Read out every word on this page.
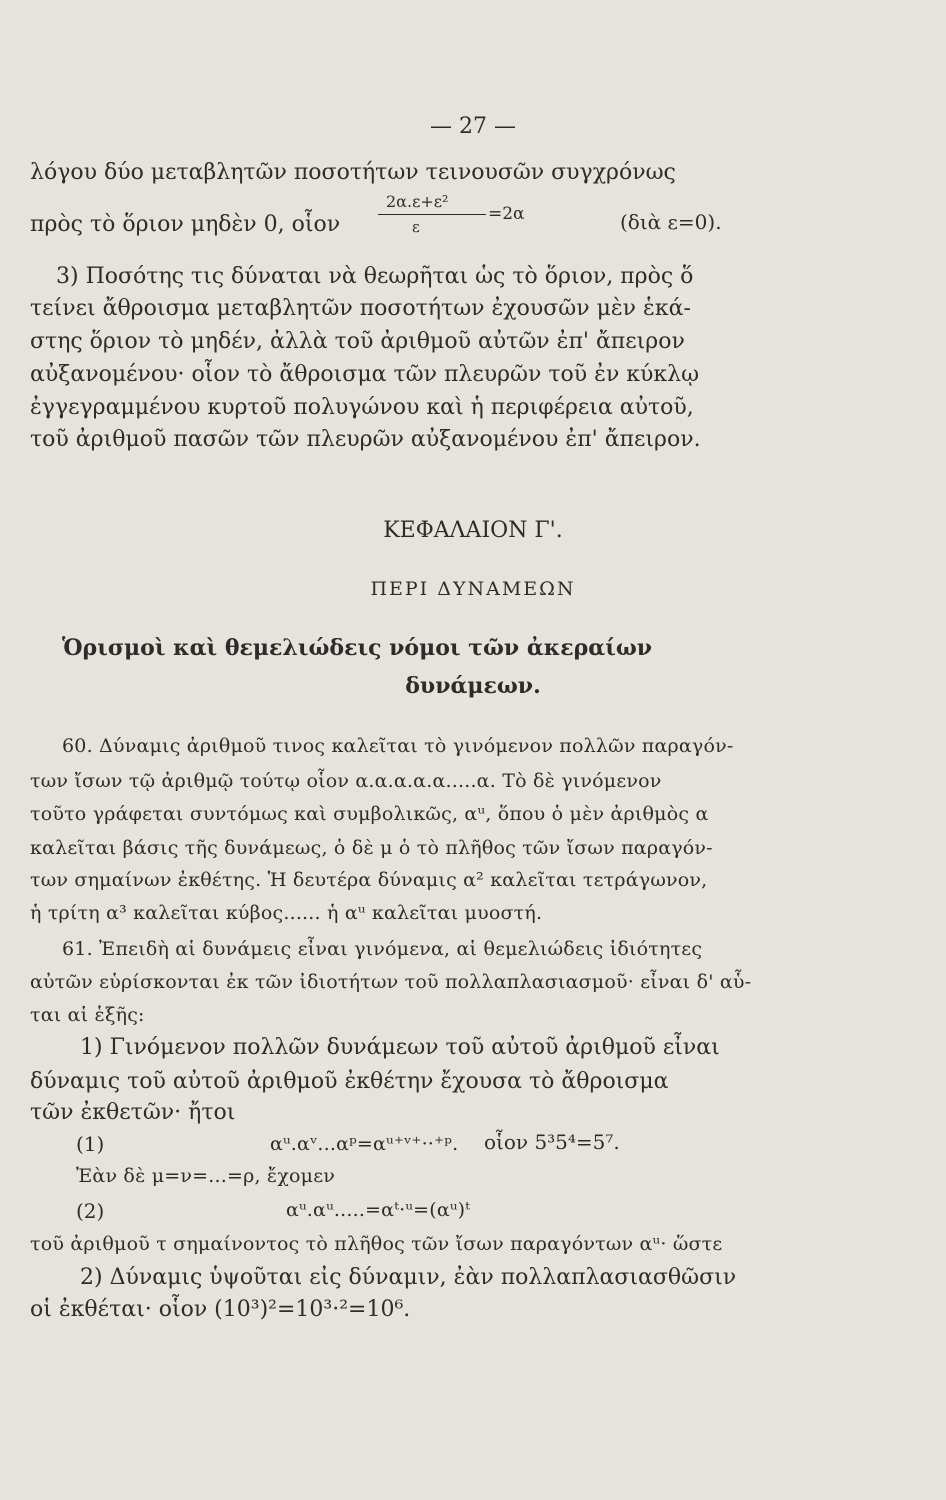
— 27 —
λόγου δύο μεταβλητῶν ποσοτήτων τεινουσῶν συγχρόνως
πρὸς τὸ ὅριον μηδὲν 0, οἷον
2α.ε+ε²
ε
=2α	(διὰ ε=0).
3) Ποσότης τις δύναται νὰ θεωρῆται ὡς τὸ ὅριον, πρὸς ὅ
τείνει ἄθροισμα μεταβλητῶν ποσοτήτων ἐχουσῶν μὲν ἑκά-
στης ὅριον τὸ μηδέν, ἀλλὰ τοῦ ἀριθμοῦ αὐτῶν ἐπ' ἄπειρον
αὐξανομένου· οἷον τὸ ἄθροισμα τῶν πλευρῶν τοῦ ἐν κύκλῳ
ἐγγεγραμμένου κυρτοῦ πολυγώνου καὶ ἡ περιφέρεια αὐτοῦ,
τοῦ ἀριθμοῦ πασῶν τῶν πλευρῶν αὐξανομένου ἐπ' ἄπειρον.
ΚΕΦΑΛΑΙΟΝ Γ'.
ΠΕΡΙ ΔΥΝΑΜΕΩΝ
Ὁρισμοὶ καὶ θεμελιώδεις νόμοι τῶν ἀκεραίων
δυνάμεων.
60. Δύναμις ἀριθμοῦ τινος καλεῖται τὸ γινόμενον πολλῶν παραγόν-
των ἴσων τῷ ἀριθμῷ τούτῳ οἷον α.α.α.α.α.....α. Τὸ δὲ γινόμενον
τοῦτο γράφεται συντόμως καὶ συμβολικῶς, αᵘ, ὅπου ὁ μὲν ἀριθμὸς α
καλεῖται βάσις τῆς δυνάμεως, ὁ δὲ μ ὁ τὸ πλῆθος τῶν ἴσων παραγόν-
των σημαίνων ἐκθέτης. Ἡ δευτέρα δύναμις α² καλεῖται τετράγωνον,
ἡ τρίτη α³ καλεῖται κύβος...... ἡ αᵘ καλεῖται μυοστή.
61. Ἐπειδὴ αἱ δυνάμεις εἶναι γινόμενα, αἱ θεμελιώδεις ἰδιότητες
αὐτῶν εὑρίσκονται ἐκ τῶν ἰδιοτήτων τοῦ πολλαπλασιασμοῦ· εἶναι δ' αὗ-
ται αἱ ἑξῆς:
1) Γινόμενον πολλῶν δυνάμεων τοῦ αὐτοῦ ἀριθμοῦ εἶναι
δύναμις τοῦ αὐτοῦ ἀριθμοῦ ἐκθέτην ἔχουσα τὸ ἄθροισμα
τῶν ἐκθετῶν· ἤτοι
(1)	αᵘ.αᵛ...αᵖ=αᵘ⁺ᵛ⁺··⁺ᵖ. οἷον 5³5⁴=5⁷.
Ἐὰν δὲ μ=ν=...=ρ, ἔχομεν
(2)	αᵘ.αᵘ.....=αᵗ·ᵘ=(αᵘ)ᵗ
τοῦ ἀριθμοῦ τ σημαίνοντος τὸ πλῆθος τῶν ἴσων παραγόντων αᵘ· ὥστε
2) Δύναμις ὑψοῦται εἰς δύναμιν, ἐὰν πολλαπλασιασθῶσιν
οἱ ἐκθέται· οἷον (10³)²=10³·²=10⁶.
